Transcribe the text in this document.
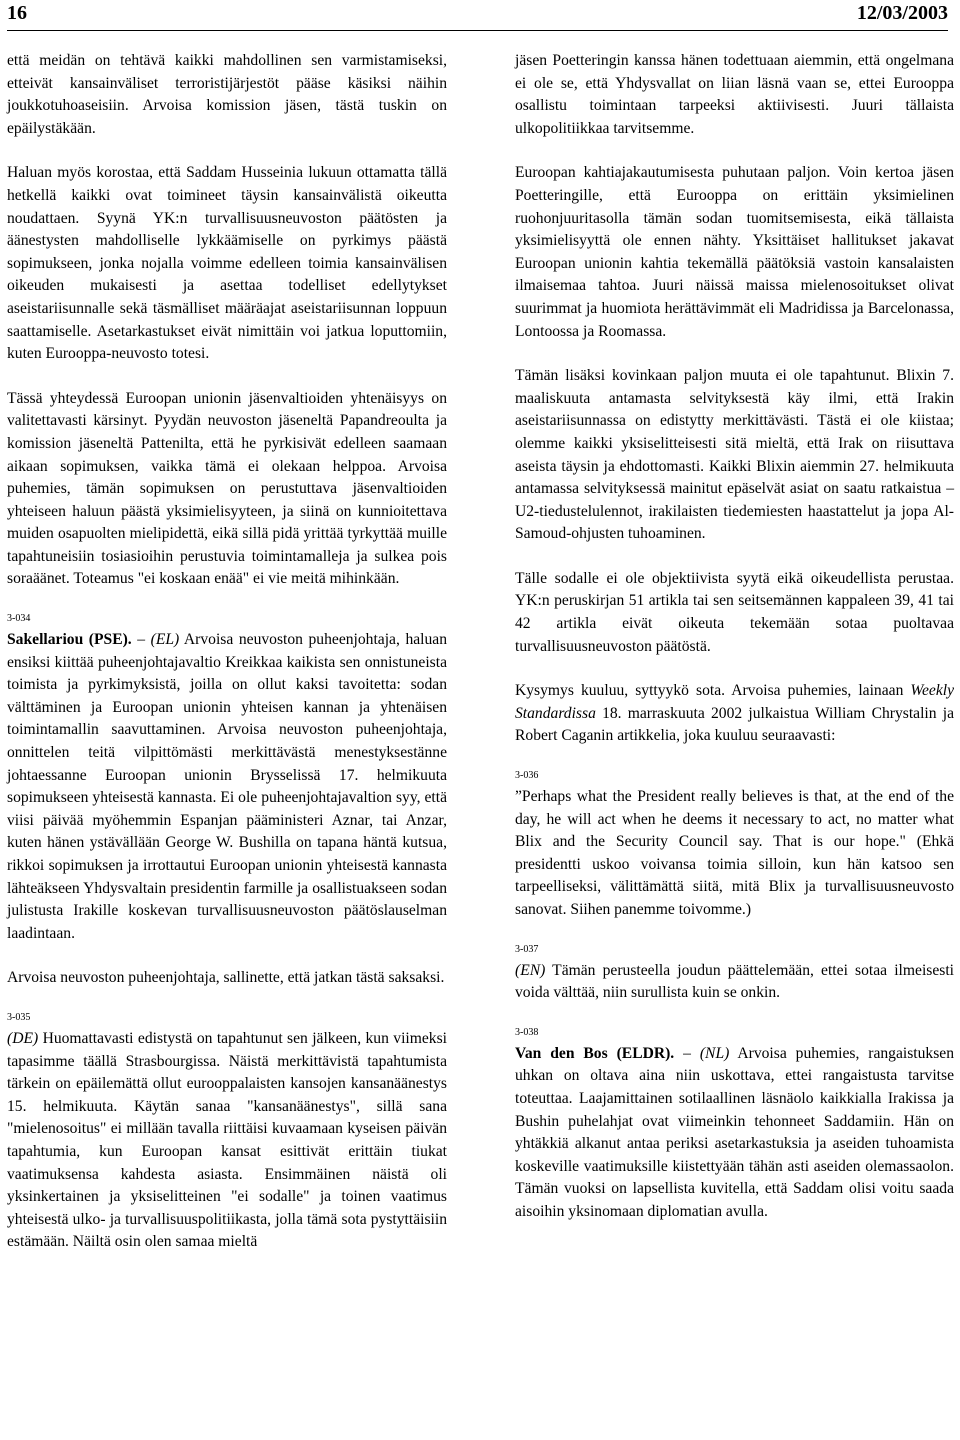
16	12/03/2003

että meidän on tehtävä kaikki mahdollinen sen varmistamiseksi, etteivät kansainväliset terroristijärjestöt pääse käsiksi näihin joukkotuhoaseisiin. Arvoisa komission jäsen, tästä tuskin on epäilystäkään.

Haluan myös korostaa, että Saddam Husseinia lukuun ottamatta tällä hetkellä kaikki ovat toimineet täysin kansainvälistä oikeutta noudattaen. Syynä YK:n turvallisuusneuvoston päätösten ja äänestysten mahdolliselle lykkäämiselle on pyrkimys päästä sopimukseen, jonka nojalla voimme edelleen toimia kansainvälisen oikeuden mukaisesti ja asettaa todelliset edellytykset aseistariisunnalle sekä täsmälliset määräajat aseistariisunnan loppuun saattamiselle. Asetarkastukset eivät nimittäin voi jatkua loputtomiin, kuten Eurooppa-neuvosto totesi.

Tässä yhteydessä Euroopan unionin jäsenvaltioiden yhtenäisyys on valitettavasti kärsinyt. Pyydän neuvoston jäseneltä Papandreoulta ja komission jäseneltä Pattenilta, että he pyrkisivät edelleen saamaan aikaan sopimuksen, vaikka tämä ei olekaan helppoa. Arvoisa puhemies, tämän sopimuksen on perustuttava jäsenvaltioiden yhteiseen haluun päästä yksimielisyyteen, ja siinä on kunnioitettava muiden osapuolten mielipidettä, eikä sillä pidä yrittää tyrkyttää muille tapahtuneisiin tosiasioihin perustuvia toimintamalleja ja sulkea pois soraäänet. Toteamus "ei koskaan enää" ei vie meitä mihinkään.

3-034

Sakellariou (PSE). – (EL) Arvoisa neuvoston puheenjohtaja, haluan ensiksi kiittää puheenjohtajavaltio Kreikkaa kaikista sen onnistuneista toimista ja pyrkimyksistä, joilla on ollut kaksi tavoitetta: sodan välttäminen ja Euroopan unionin yhteisen kannan ja yhtenäisen toimintamallin saavuttaminen. Arvoisa neuvoston puheenjohtaja, onnittelen teitä vilpittömästi merkittävästä menestyksestänne johtaessanne Euroopan unionin Brysselissä 17. helmikuuta sopimukseen yhteisestä kannasta. Ei ole puheenjohtajavaltion syy, että viisi päivää myöhemmin Espanjan pääministeri Aznar, tai Anzar, kuten hänen ystävällään George W. Bushilla on tapana häntä kutsua, rikkoi sopimuksen ja irrottautui Euroopan unionin yhteisestä kannasta lähteäkseen Yhdysvaltain presidentin farmille ja osallistuakseen sodan julistusta Irakille koskevan turvallisuusneuvoston päätöslauselman laadintaan.

Arvoisa neuvoston puheenjohtaja, sallinette, että jatkan tästä saksaksi.

3-035

(DE) Huomattavasti edistystä on tapahtunut sen jälkeen, kun viimeksi tapasimme täällä Strasbourgissa. Näistä merkittävistä tapahtumista tärkein on epäilemättä ollut eurooppalaisten kansojen kansanäänestys 15. helmikuuta. Käytän sanaa "kansanäänestys", sillä sana "mielenosoitus" ei millään tavalla riittäisi kuvaamaan kyseisen päivän tapahtumia, kun Euroopan kansat esittivät erittäin tiukat vaatimuksensa kahdesta asiasta. Ensimmäinen näistä oli yksinkertainen ja yksiselitteinen "ei sodalle" ja toinen vaatimus yhteisestä ulko- ja turvallisuuspolitiikasta, jolla tämä sota pystyttäisiin estämään. Näiltä osin olen samaa mieltä

jäsen Poetteringin kanssa hänen todettuaan aiemmin, että ongelmana ei ole se, että Yhdysvallat on liian läsnä vaan se, ettei Eurooppa osallistu toimintaan tarpeeksi aktiivisesti. Juuri tällaista ulkopolitiikkaa tarvitsemme.

Euroopan kahtiajakautumisesta puhutaan paljon. Voin kertoa jäsen Poetteringille, että Eurooppa on erittäin yksimielinen ruohonjuuritasolla tämän sodan tuomitsemisesta, eikä tällaista yksimielisyyttä ole ennen nähty. Yksittäiset hallitukset jakavat Euroopan unionin kahtia tekemällä päätöksiä vastoin kansalaisten ilmaisemaa tahtoa. Juuri näissä maissa mielenosoitukset olivat suurimmat ja huomiota herättävimmät eli Madridissa ja Barcelonassa, Lontoossa ja Roomassa.

Tämän lisäksi kovinkaan paljon muuta ei ole tapahtunut. Blixin 7. maaliskuuta antamasta selvityksestä käy ilmi, että Irakin aseistariisunnassa on edistytty merkittävästi. Tästä ei ole kiistaa; olemme kaikki yksiselitteisesti sitä mieltä, että Irak on riisuttava aseista täysin ja ehdottomasti. Kaikki Blixin aiemmin 27. helmikuuta antamassa selvityksessä mainitut epäselvät asiat on saatu ratkaistua – U2-tiedustelulennot, irakilaisten tiedemiesten haastattelut ja jopa Al-Samoud-ohjusten tuhoaminen.

Tälle sodalle ei ole objektiivista syytä eikä oikeudellista perustaa. YK:n peruskirjan 51 artikla tai sen seitsemännen kappaleen 39, 41 tai 42 artikla eivät oikeuta tekemään sotaa puoltavaa turvallisuusneuvoston päätöstä.

Kysymys kuuluu, syttyykö sota. Arvoisa puhemies, lainaan Weekly Standardissa 18. marraskuuta 2002 julkaistua William Chrystalin ja Robert Caganin artikkelia, joka kuuluu seuraavasti:

3-036

”Perhaps what the President really believes is that, at the end of the day, he will act when he deems it necessary to act, no matter what Blix and the Security Council say. That is our hope." (Ehkä presidentti uskoo voivansa toimia silloin, kun hän katsoo sen tarpeelliseksi, välittämättä siitä, mitä Blix ja turvallisuusneuvosto sanovat. Siihen panemme toivomme.)

3-037

(EN) Tämän perusteella joudun päättelemään, ettei sotaa ilmeisesti voida välttää, niin surullista kuin se onkin.

3-038

Van den Bos (ELDR). – (NL) Arvoisa puhemies, rangaistuksen uhkan on oltava aina niin uskottava, ettei rangaistusta tarvitse toteuttaa. Laajamittainen sotilaallinen läsnäolo kaikkialla Irakissa ja Bushin puhelahjat ovat viimeinkin tehonneet Saddamiin. Hän on yhtäkkiä alkanut antaa periksi asetarkastuksia ja aseiden tuhoamista koskeville vaatimuksille kiistettyään tähän asti aseiden olemassaolon. Tämän vuoksi on lapsellista kuvitella, että Saddam olisi voitu saada aisoihin yksinomaan diplomatian avulla.
